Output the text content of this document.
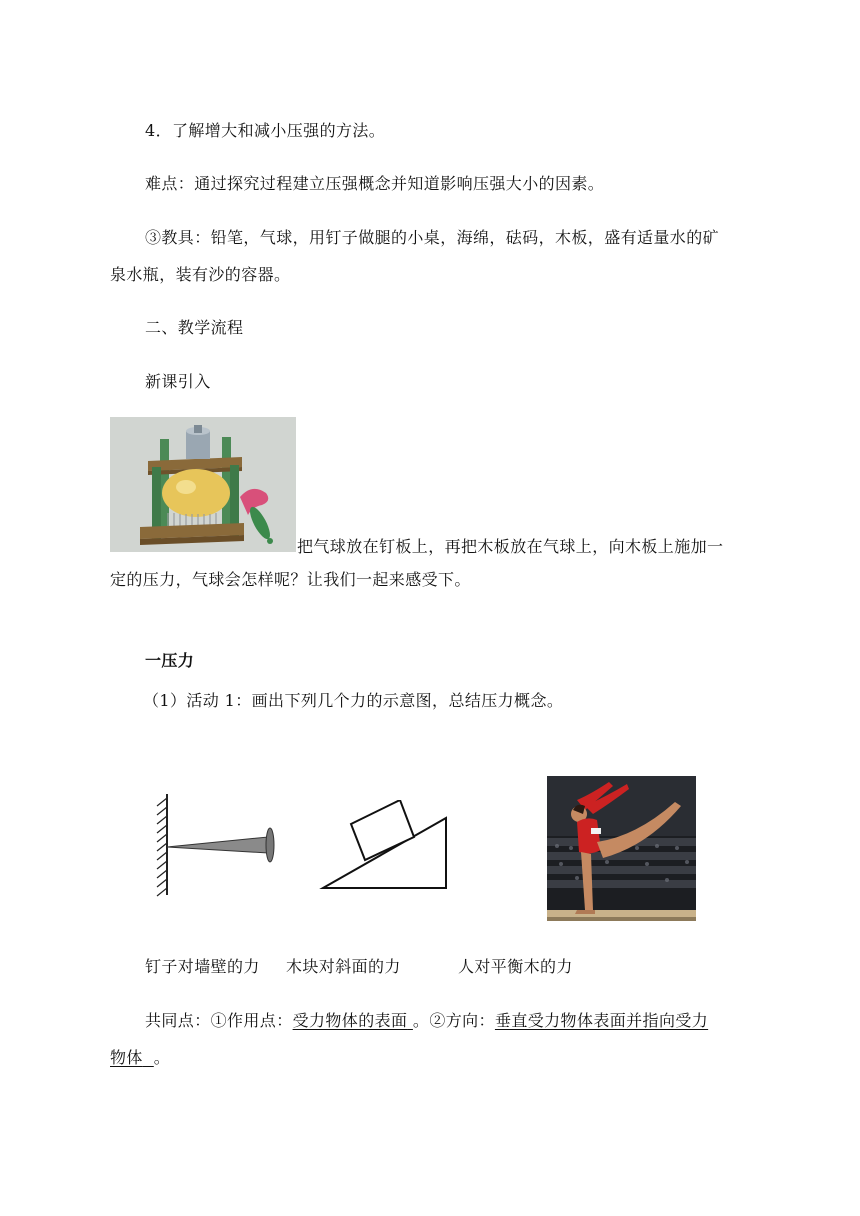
4．了解增大和减小压强的方法。
难点：通过探究过程建立压强概念并知道影响压强大小的因素。
③教具：铅笔，气球，用钉子做腿的小桌，海绵，砝码，木板，盛有适量水的矿
泉水瓶，装有沙的容器。
二、教学流程
新课引入
把气球放在钉板上，再把木板放在气球上，向木板上施加一
定的压力，气球会怎样呢？让我们一起来感受下。
一压力
（1）活动 1：画出下列几个力的示意图，总结压力概念。
钉子对墙壁的力 木块对斜面的力	人对平衡木的力
共同点：①作用点：受力物体的表面 。②方向：垂直受力物体表面并指向受力
物体 。
